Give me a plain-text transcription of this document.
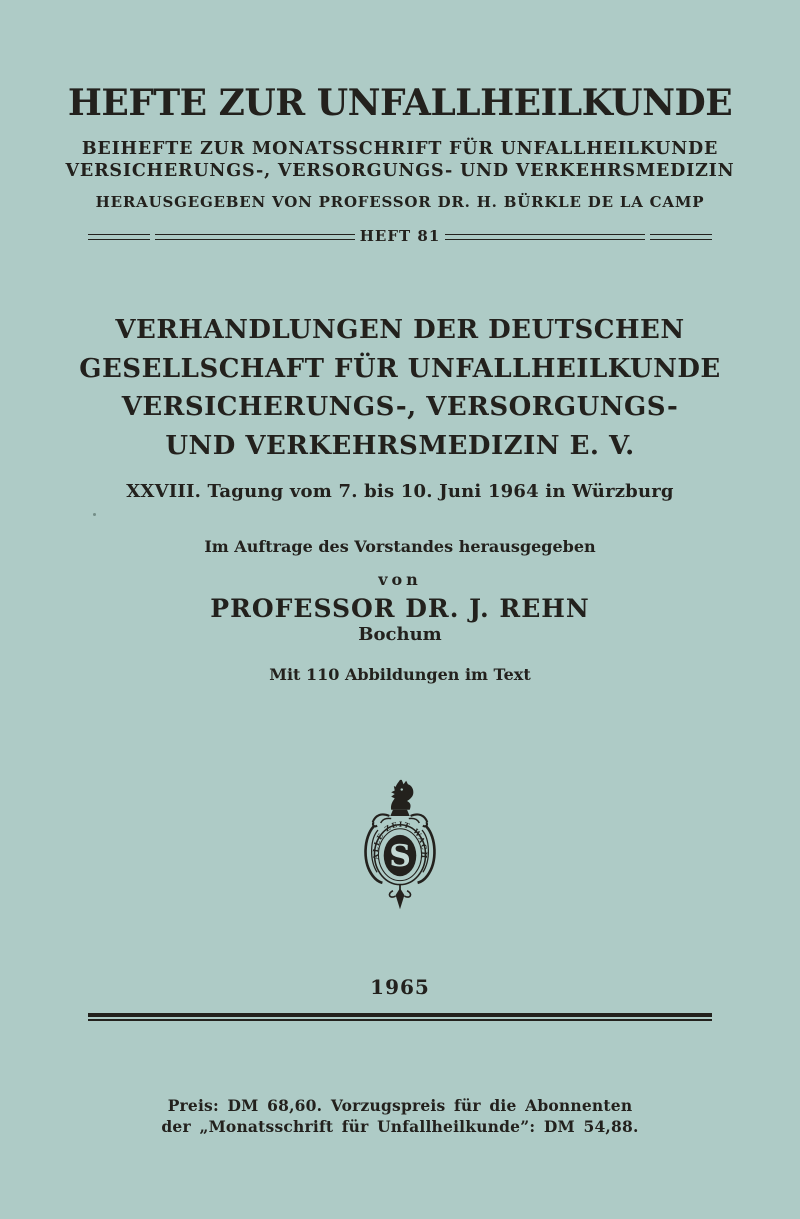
HEFTE ZUR UNFALLHEILKUNDE
BEIHEFTE ZUR MONATSSCHRIFT FÜR UNFALLHEILKUNDE
VERSICHERUNGS-, VERSORGUNGS- UND VERKEHRSMEDIZIN
HERAUSGEGEBEN VON PROFESSOR DR. H. BÜRKLE DE LA CAMP
HEFT 81
VERHANDLUNGEN DER DEUTSCHEN
GESELLSCHAFT FÜR UNFALLHEILKUNDE
VERSICHERUNGS-, VERSORGUNGS-
UND VERKEHRSMEDIZIN E. V.
XXVIII. Tagung vom 7. bis 10. Juni 1964 in Würzburg
Im Auftrage des Vorstandes herausgegeben
von
PROFESSOR DR. J. REHN
Bochum
Mit 110 Abbildungen im Text
ALLE·ZEIT·WACH
S
1965
Preis: DM 68,60. Vorzugspreis für die Abonnenten
der „Monatsschrift für Unfallheilkunde”: DM 54,88.
